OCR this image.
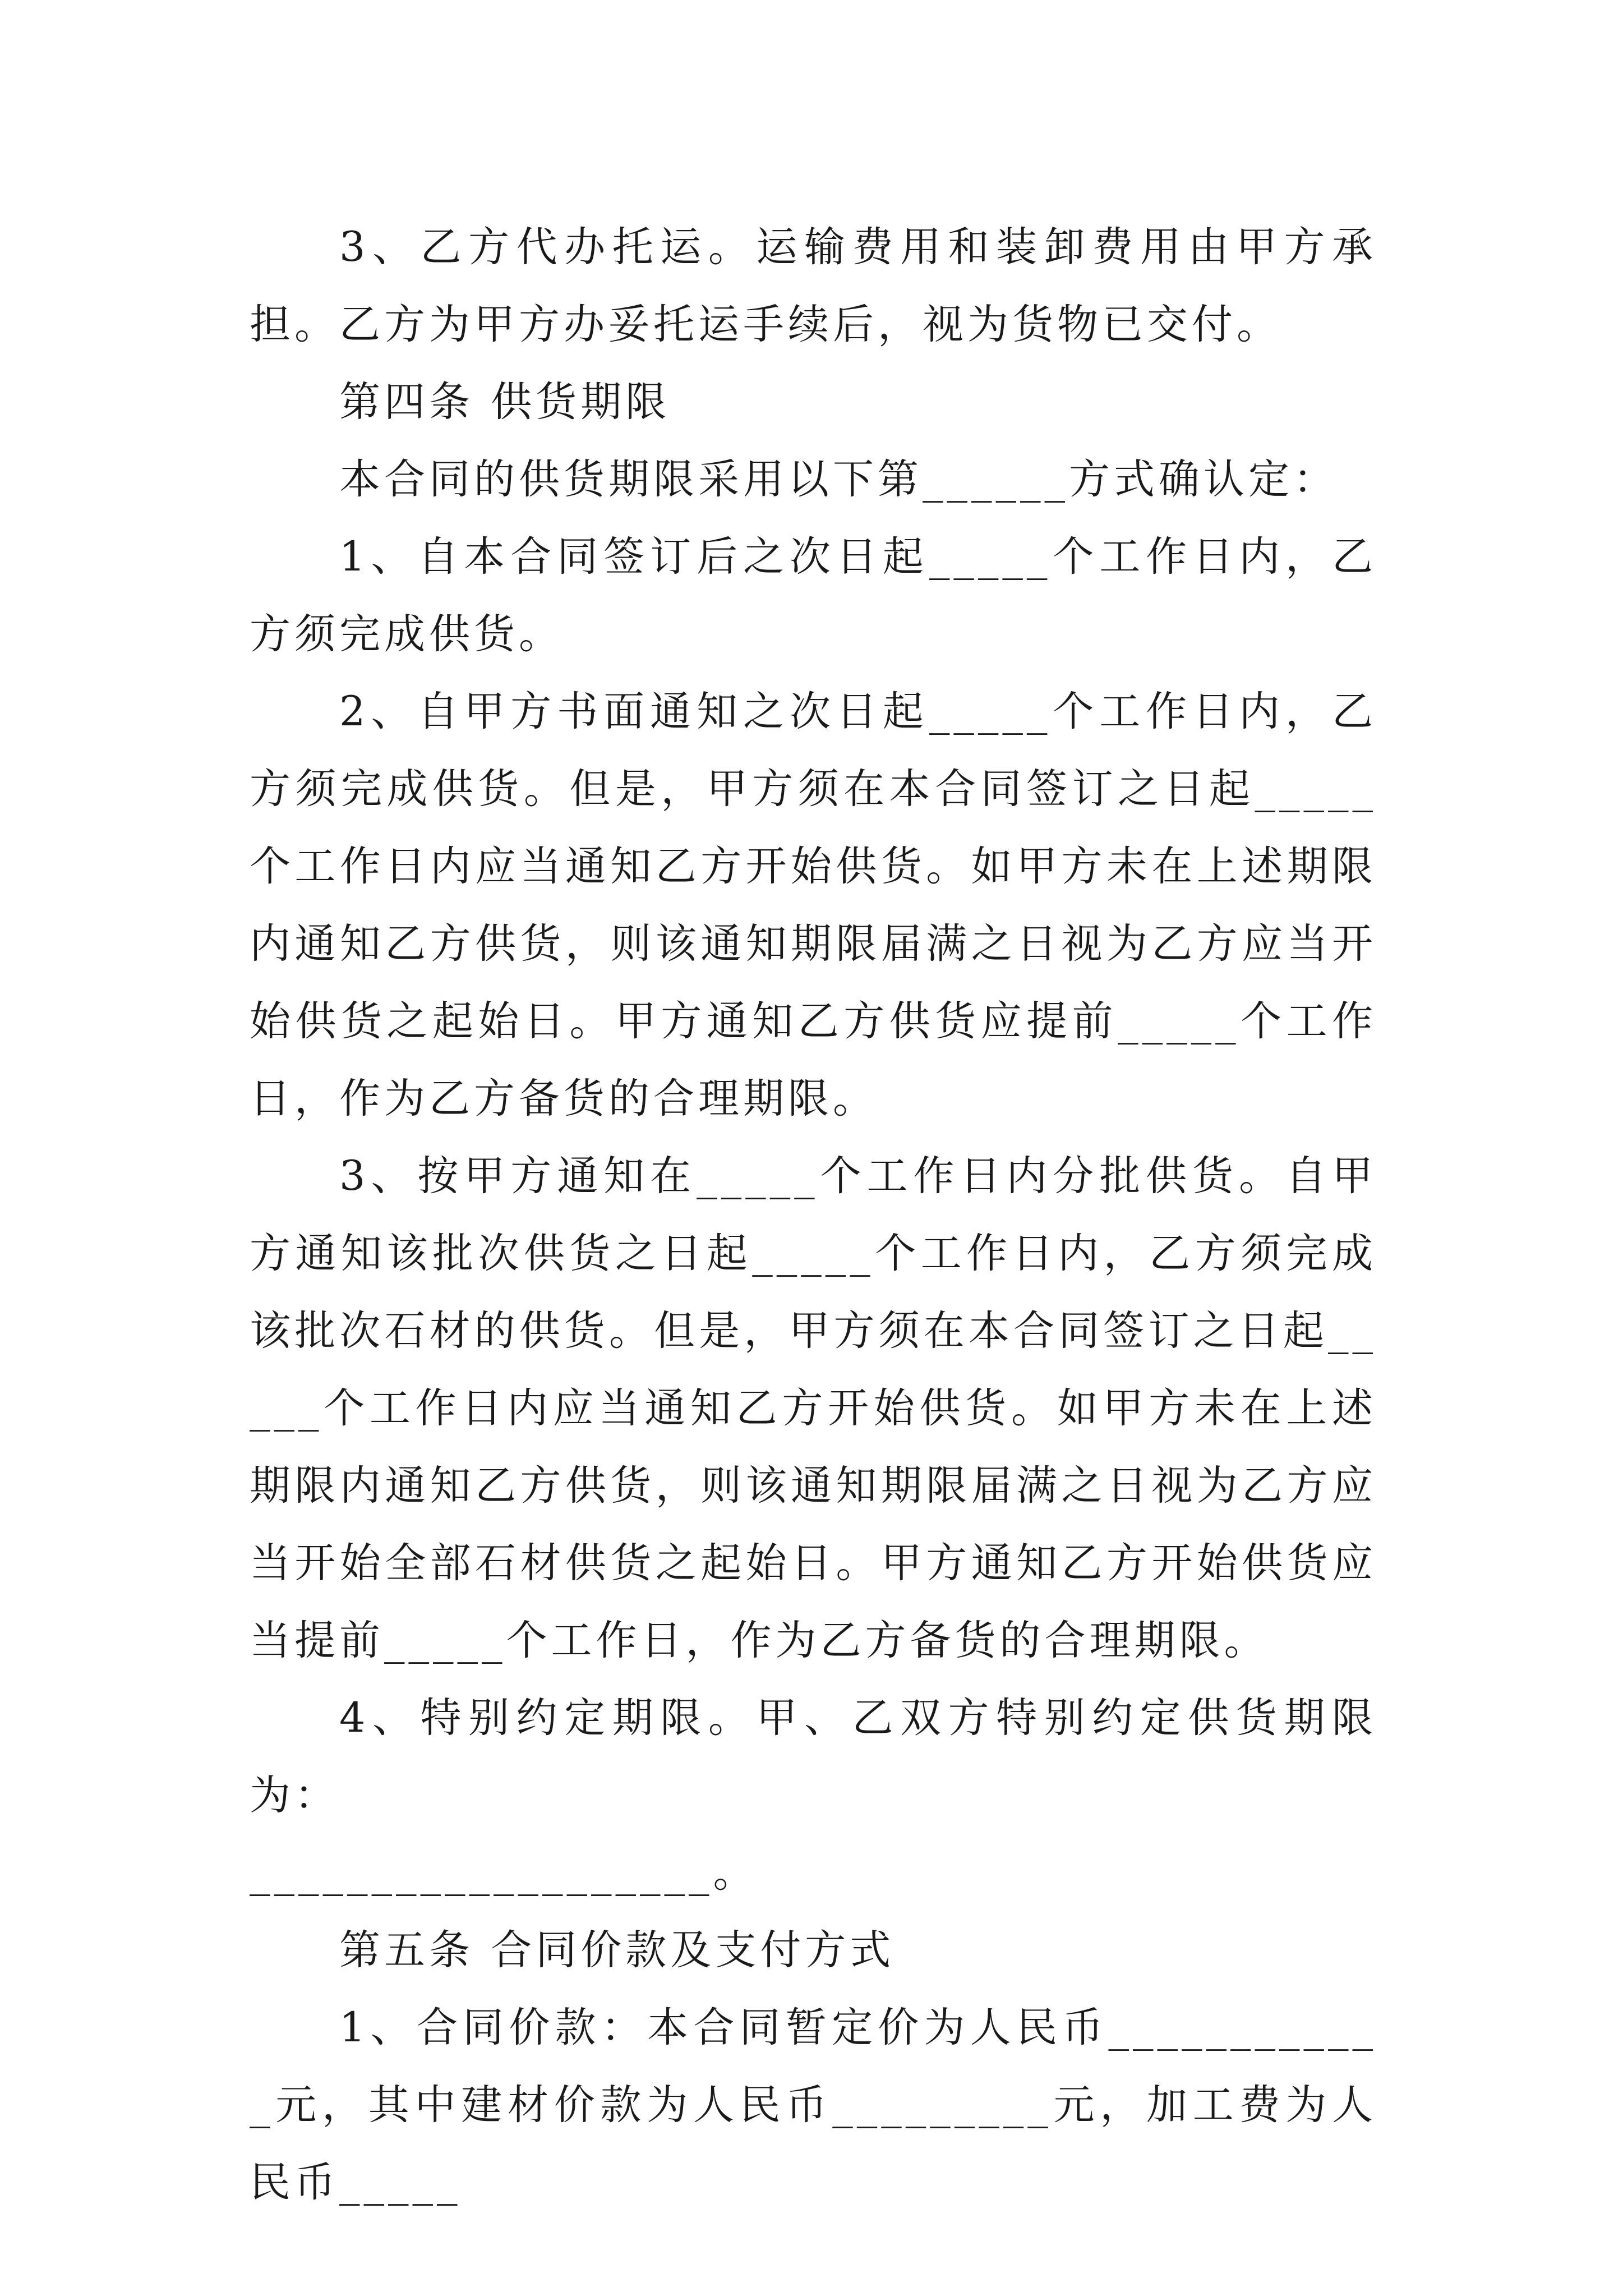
3、乙方代办托运。运输费用和装卸费用由甲方承担。乙方为甲方办妥托运手续后，视为货物已交付。

第四条 供货期限

本合同的供货期限采用以下第______方式确认定：

1、自本合同签订后之次日起_____个工作日内，乙方须完成供货。

2、自甲方书面通知之次日起_____个工作日内，乙方须完成供货。但是，甲方须在本合同签订之日起_____个工作日内应当通知乙方开始供货。如甲方未在上述期限内通知乙方供货，则该通知期限届满之日视为乙方应当开始供货之起始日。甲方通知乙方供货应提前_____个工作日，作为乙方备货的合理期限。

3、按甲方通知在_____个工作日内分批供货。自甲方通知该批次供货之日起_____个工作日内，乙方须完成该批次石材的供货。但是，甲方须在本合同签订之日起_____个工作日内应当通知乙方开始供货。如甲方未在上述期限内通知乙方供货，则该通知期限届满之日视为乙方应当开始全部石材供货之起始日。甲方通知乙方开始供货应当提前_____个工作日，作为乙方备货的合理期限。

4、特别约定期限。甲、乙双方特别约定供货期限为：

___________________。

第五条 合同价款及支付方式

1、合同价款：本合同暂定价为人民币____________元，其中建材价款为人民币_________元，加工费为人民币_____
